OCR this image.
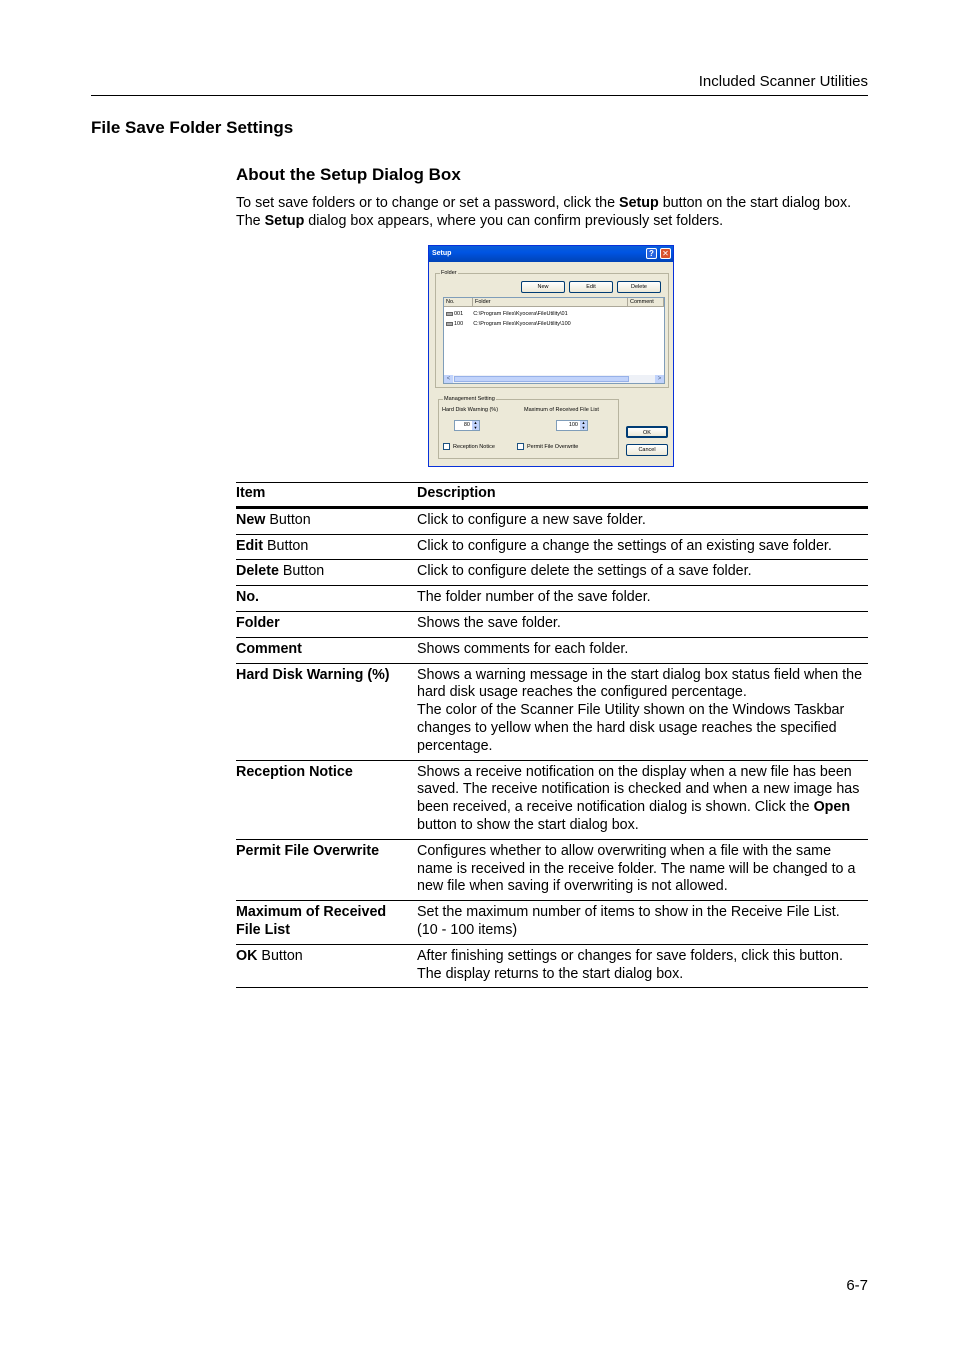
Included Scanner Utilities
File Save Folder Settings
About the Setup Dialog Box
To set save folders or to change or set a password, click the Setup button on the start dialog box.
The Setup dialog box appears, where you can confirm previously set folders.
Setup	?	✕
Folder
New	Edit	Delete
No.	Folder	Comment
001 C:\Program Files\Kyocera\FileUtility\01
100 C:\Program Files\Kyocera\FileUtility\100
<	>
Management Setting
Hard Disk Warning (%)	Maximum of Received File List
80 ▲
▼	100 ▲
▼
Reception Notice	Permit File Overwrite
OK
Cancel
Item	Description
New Button	Click to configure a new save folder.
Edit Button	Click to configure a change the settings of an existing save folder.
Delete Button	Click to configure delete the settings of a save folder.
No.	The folder number of the save folder.
Folder	Shows the save folder.
Comment	Shows comments for each folder.
Hard Disk Warning (%)	Shows a warning message in the start dialog box status field when the hard disk usage reaches the configured percentage.
The color of the Scanner File Utility shown on the Windows Taskbar changes to yellow when the hard disk usage reaches the specified percentage.
Reception Notice	Shows a receive notification on the display when a new file has been saved. The receive notification is checked and when a new image has been received, a receive notification dialog is shown. Click the Open button to show the start dialog box.
Permit File Overwrite	Configures whether to allow overwriting when a file with the same name is received in the receive folder. The name will be changed to a new file when saving if overwriting is not allowed.
Maximum of Received File List	Set the maximum number of items to show in the Receive File List.
(10 - 100 items)
OK Button	After finishing settings or changes for save folders, click this button.
The display returns to the start dialog box.
6-7
